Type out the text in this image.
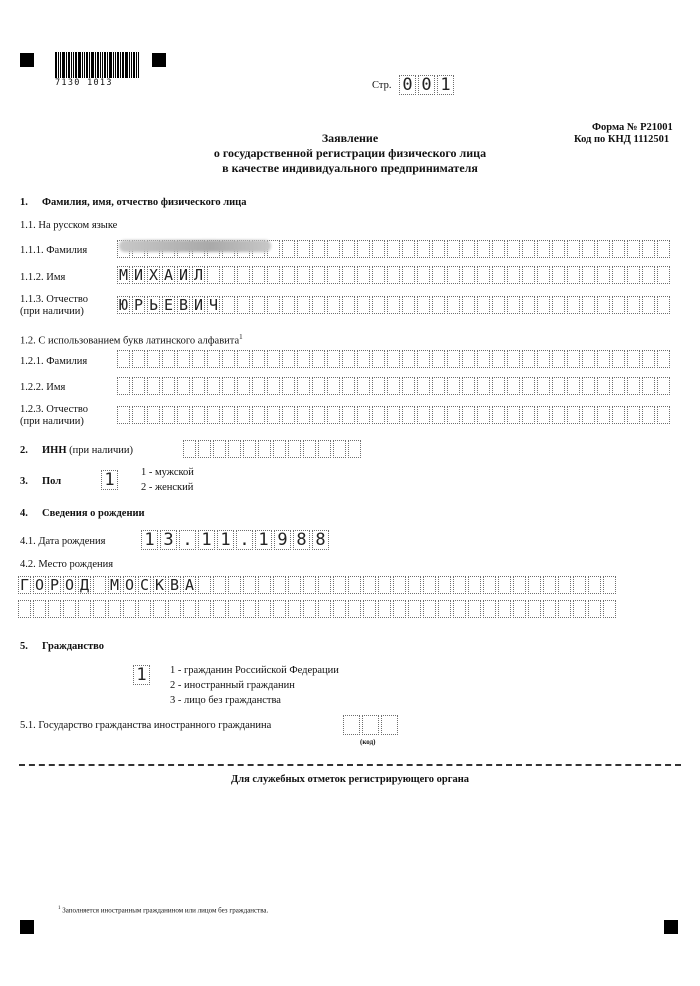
7130 1013	Стр. 0 0 1
Форма № Р21001
Код по КНД 1112501
Заявление
о государственной регистрации физического лица
в качестве индивидуального предпринимателя
1. Фамилия, имя, отчество физического лица
1.1. На русском языке
1.1.1. Фамилия
1.1.2. Имя	М И Х А И Л
1.1.3. Отчество
(при наличии) Ю Р Ь Е В И Ч
1.2. С использованием букв латинского алфавита$^1$
1.2.1. Фамилия
1.2.2. Имя
1.2.3. Отчество
(при наличии)
2. ИНН (при наличии)
3. Пол	1	1 - мужской
2 - женский
4. Сведения о рождении
4.1. Дата рождения 1 3 . 1 1 . 1 9 8 8
4.2. Место рождения
Г О Р О Д М О С К В А
5. Гражданство
1	1 - гражданин Российской Федерации
2 - иностранный гражданин
3 - лицо без гражданства
5.1. Государство гражданства иностранного гражданина
(код)
Для служебных отметок регистрирующего органа
$^1$ Заполняется иностранным гражданином или лицом без гражданства.
